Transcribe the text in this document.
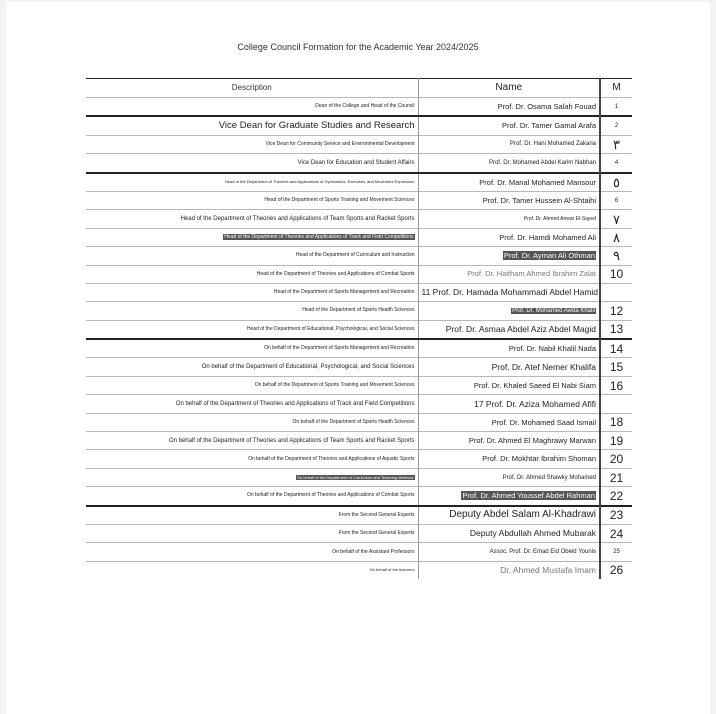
College Council Formation for the Academic Year 2024/2025
Description	Name	M
Dean of the College and Head of the Council	Prof. Dr. Osama Salah Fouad	1
Vice Dean for Graduate Studies and Research	Prof. Dr. Tamer Gamal Arafa	2
Vice Dean for Community Service and Environmental Development	Prof. Dr. Hani Mohamed Zakaria	٣
Vice Dean for Education and Student Affairs	Prof. Dr. Mohamed Abdel Karim Nabhan	4
Head of the Department of Theories and Applications of Gymnastics, Exercises, and Movement Expression	Prof. Dr. Manal Mohamed Mansour	٥
Head of the Department of Sports Training and Movement Sciences	Prof. Dr. Tamer Hussein Al-Shtaihi	6
Head of the Department of Theories and Applications of Team Sports and Racket Sports	Prof. Dr. Ahmed Anwar El-Sayed	٧
Head of the Department of Theories and Applications of Track and Field Competitions	Prof. Dr. Hamdi Mohamed Ali	٨
Head of the Department of Curriculum and Instruction	Prof. Dr. Ayman Ali Othman	٩
Head of the Department of Theories and Applications of Combat Sports	Prof. Dr. Haitham Ahmed Ibrahim Zalat	10
Head of the Department of Sports Management and Recreation	11 Prof. Dr. Hamada Mohammadi Abdel Hamid	
Head of the Department of Sports Health Sciences	Prof. Dr. Mohamed Awda Khalil	12
Head of the Department of Educational, Psychological, and Social Sciences	Prof. Dr. Asmaa Abdel Aziz Abdel Magid	13
On behalf of the Department of Sports Management and Recreation	Prof. Dr. Nabil Khalil Nada	14
On behalf of the Department of Educational, Psychological, and Social Sciences	Prof. Dr. Atef Nemer Khalifa	15
On behalf of the Department of Sports Training and Movement Sciences	Prof. Dr. Khaled Saeed El Nabi Siam	16
On behalf of the Department of Theories and Applications of Track and Field Competitions	17 Prof. Dr. Aziza Mohamed Afifi	
On behalf of the Department of Sports Health Sciences	Prof. Dr. Mohamed Saad Ismail	18
On behalf of the Department of Theories and Applications of Team Sports and Racket Sports	Prof. Dr. Ahmed El Maghrawy Marwan	19
On behalf of the Department of Theories and Applications of Aquatic Sports	Prof. Dr. Mokhtar Ibrahim Shoman	20
On behalf of the Department of Curriculum and Teaching Methods	Prof. Dr. Ahmed Shawky Mohamed	21
On behalf of the Department of Theories and Applications of Combat Sports	Prof. Dr. Ahmed Youssef Abdel Rahman	22
From the Second General Experts	Deputy Abdel Salam Al-Khadrawi	23
From the Second General Experts	Deputy Abdullah Ahmed Mubarak	24
On behalf of the Assistant Professors	Assoc. Prof. Dr. Emad Eid Obeid Younis	25
On behalf of the lecturers	Dr. Ahmed Mustafa Imam	26
